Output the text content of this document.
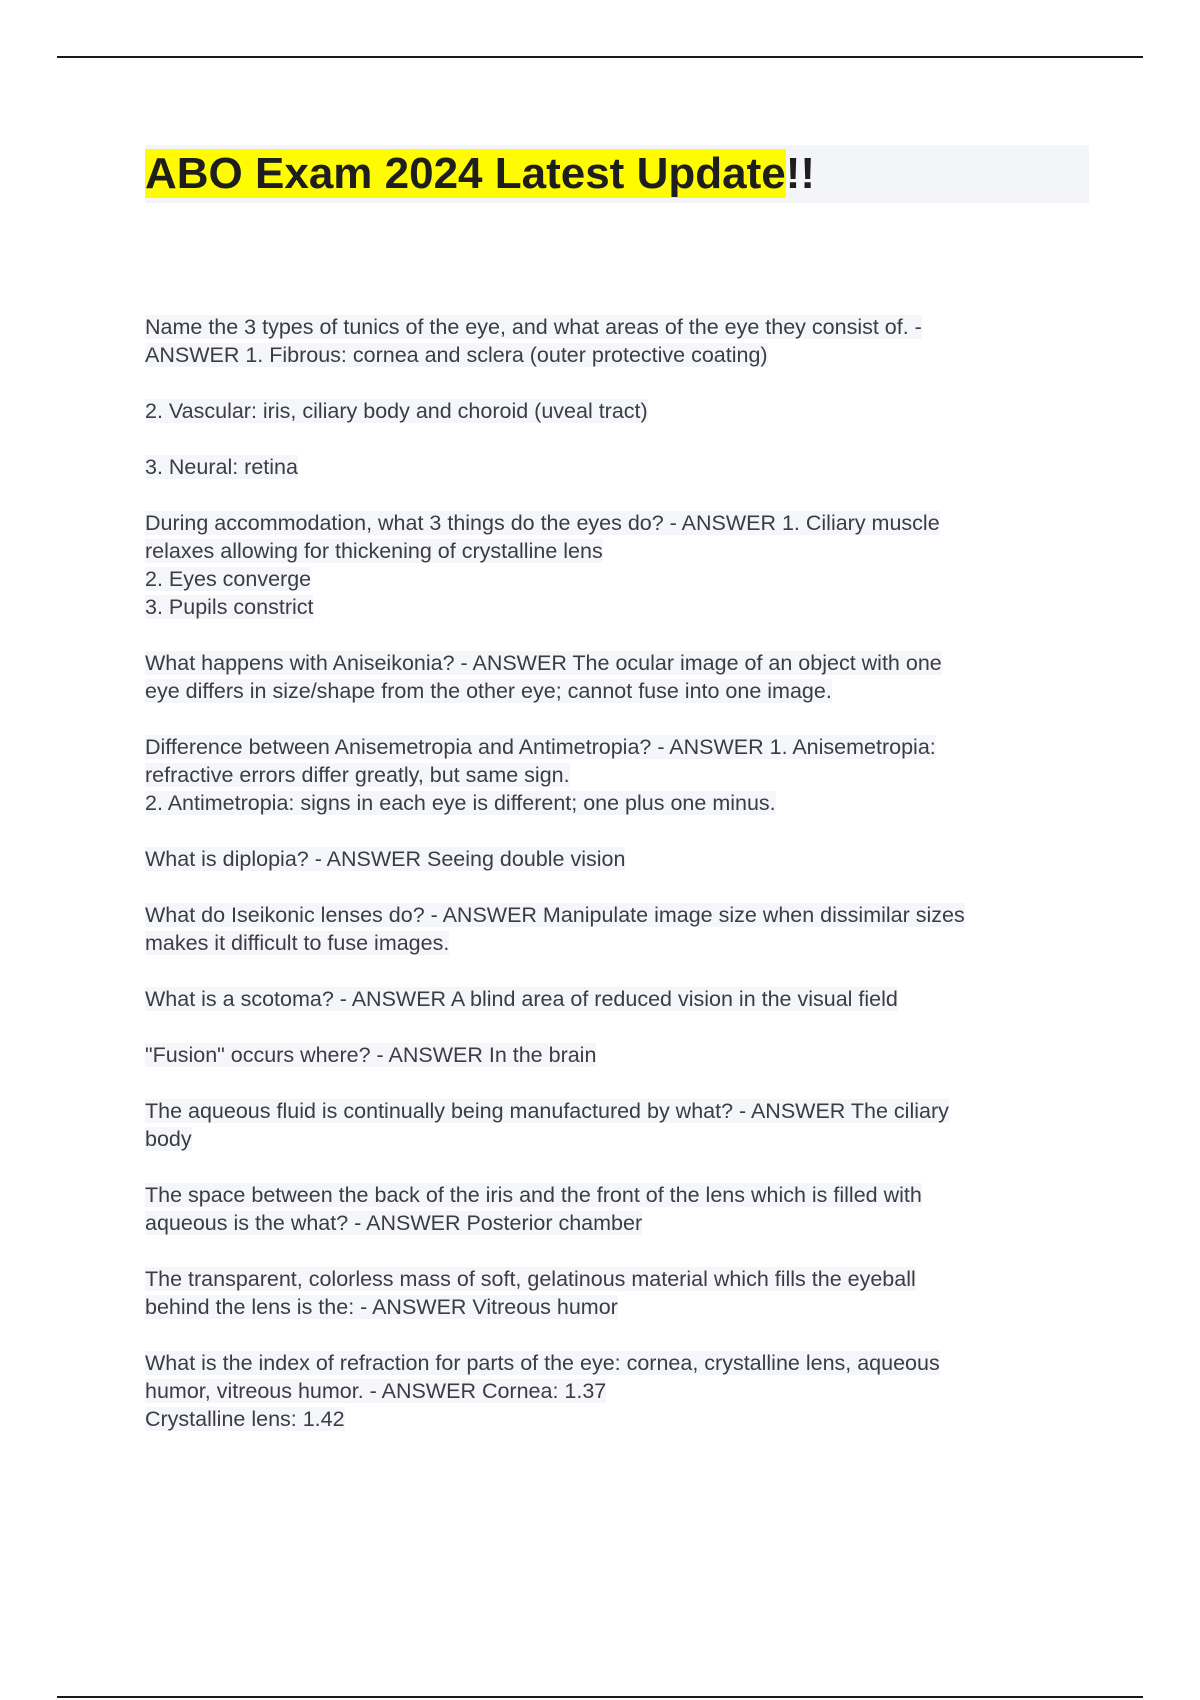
ABO Exam 2024 Latest Update!!

Name the 3 types of tunics of the eye, and what areas of the eye they consist of. -
ANSWER 1. Fibrous: cornea and sclera (outer protective coating)

2. Vascular: iris, ciliary body and choroid (uveal tract)

3. Neural: retina

During accommodation, what 3 things do the eyes do? - ANSWER 1. Ciliary muscle
relaxes allowing for thickening of crystalline lens
2. Eyes converge
3. Pupils constrict

What happens with Aniseikonia? - ANSWER The ocular image of an object with one
eye differs in size/shape from the other eye; cannot fuse into one image.

Difference between Anisemetropia and Antimetropia? - ANSWER 1. Anisemetropia:
refractive errors differ greatly, but same sign.
2. Antimetropia: signs in each eye is different; one plus one minus.

What is diplopia? - ANSWER Seeing double vision

What do Iseikonic lenses do? - ANSWER Manipulate image size when dissimilar sizes
makes it difficult to fuse images.

What is a scotoma? - ANSWER A blind area of reduced vision in the visual field

"Fusion" occurs where? - ANSWER In the brain

The aqueous fluid is continually being manufactured by what? - ANSWER The ciliary
body

The space between the back of the iris and the front of the lens which is filled with
aqueous is the what? - ANSWER Posterior chamber

The transparent, colorless mass of soft, gelatinous material which fills the eyeball
behind the lens is the: - ANSWER Vitreous humor

What is the index of refraction for parts of the eye: cornea, crystalline lens, aqueous
humor, vitreous humor. - ANSWER Cornea: 1.37
Crystalline lens: 1.42
